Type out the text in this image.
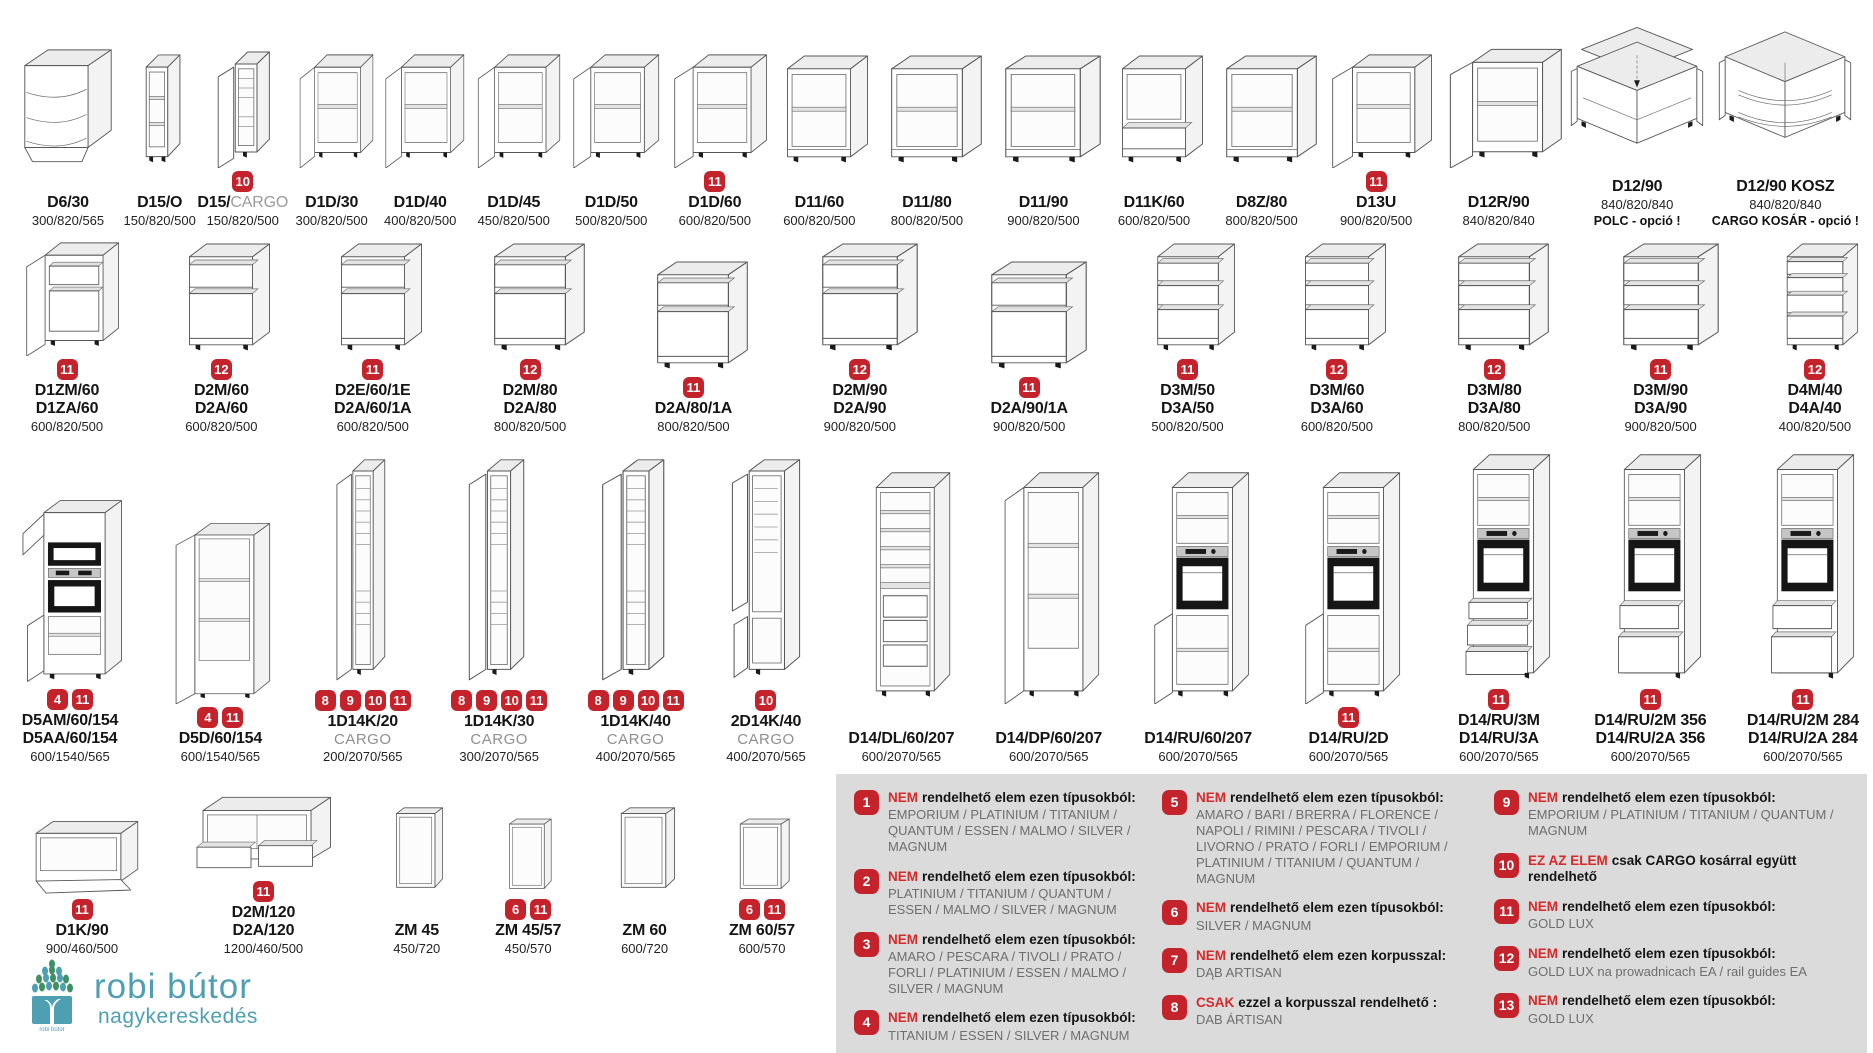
D6/30
300/820/565
D15/O
150/820/500
10
D15/CARGO
150/820/500
D1D/30
300/820/500
D1D/40
400/820/500
D1D/45
450/820/500
D1D/50
500/820/500
11
D1D/60
600/820/500
D11/60
600/820/500
D11/80
800/820/500
D11/90
900/820/500
D11K/60
600/820/500
D8Z/80
800/820/500
11
D13U
900/820/500
D12R/90
840/820/840
D12/90
840/820/840
POLC - opció !
D12/90 KOSZ
840/820/840
CARGO KOSÁR - opció !
11
D1ZM/60
D1ZA/60
600/820/500
12
D2M/60
D2A/60
600/820/500
11
D2E/60/1E
D2A/60/1A
600/820/500
12
D2M/80
D2A/80
800/820/500
11
D2A/80/1A
800/820/500
12
D2M/90
D2A/90
900/820/500
11
D2A/90/1A
900/820/500
11
D3M/50
D3A/50
500/820/500
12
D3M/60
D3A/60
600/820/500
12
D3M/80
D3A/80
800/820/500
11
D3M/90
D3A/90
900/820/500
12
D4M/40
D4A/40
400/820/500
4	11
D5AM/60/154
D5AA/60/154
600/1540/565
4	11
D5D/60/154
600/1540/565
8	9	10 11
1D14K/20
CARGO
200/2070/565
8	9	10 11
1D14K/30
CARGO
300/2070/565
8	9	10 11
1D14K/40
CARGO
400/2070/565
10
2D14K/40
CARGO
400/2070/565
D14/DL/60/207
600/2070/565
D14/DP/60/207
600/2070/565
D14/RU/60/207
600/2070/565
11
D14/RU/2D
600/2070/565
11
D14/RU/3M
D14/RU/3A
600/2070/565
11
D14/RU/2M 356
D14/RU/2A 356
600/2070/565
11
D14/RU/2M 284
D14/RU/2A 284
600/2070/565
11
D1K/90
900/460/500
11
D2M/120
D2A/120
1200/460/500
ZM 45
450/720
6	11
ZM 45/57
450/570
ZM 60
600/720
6	11
ZM 60/57
600/570
robi bútor
robi bútor
nagykereskedés
1	NEM rendelhető elem ezen típusokból:
EMPORIUM / PLATINIUM / TITANIUM / QUANTUM / ESSEN / MALMO / SILVER / MAGNUM
2	NEM rendelhető elem ezen típusokból:
PLATINIUM / TITANIUM / QUANTUM / ESSEN / MALMO / SILVER / MAGNUM
3	NEM rendelhető elem ezen típusokból:
AMARO / PESCARA / TIVOLI / PRATO / FORLI / PLATINIUM / ESSEN / MALMO / SILVER / MAGNUM
4	NEM rendelhető elem ezen típusokból:
TITANIUM / ESSEN / SILVER / MAGNUM
5	NEM rendelhető elem ezen típusokból:
AMARO / BARI / BRERRA / FLORENCE / NAPOLI / RIMINI / PESCARA / TIVOLI / LIVORNO / PRATO / FORLI / EMPORIUM / PLATINIUM / TITANIUM / QUANTUM / MAGNUM
6	NEM rendelhető elem ezen típusokból:
SILVER / MAGNUM
7	NEM rendelhető elem ezen korpusszal:
DĄB ARTISAN
8	CSAK ezzel a korpusszal rendelhető :
DAB ÁRTISAN
9	NEM rendelhető elem ezen típusokból:
EMPORIUM / PLATINIUM / TITANIUM / QUANTUM / MAGNUM
10	EZ AZ ELEM csak CARGO kosárral együtt rendelhető
11	NEM rendelhető elem ezen típusokból:
GOLD LUX
12	NEM rendelhető elem ezen típusokból:
GOLD LUX na prowadnicach EA / rail guides EA
13	NEM rendelhető elem ezen típusokból:
GOLD LUX
